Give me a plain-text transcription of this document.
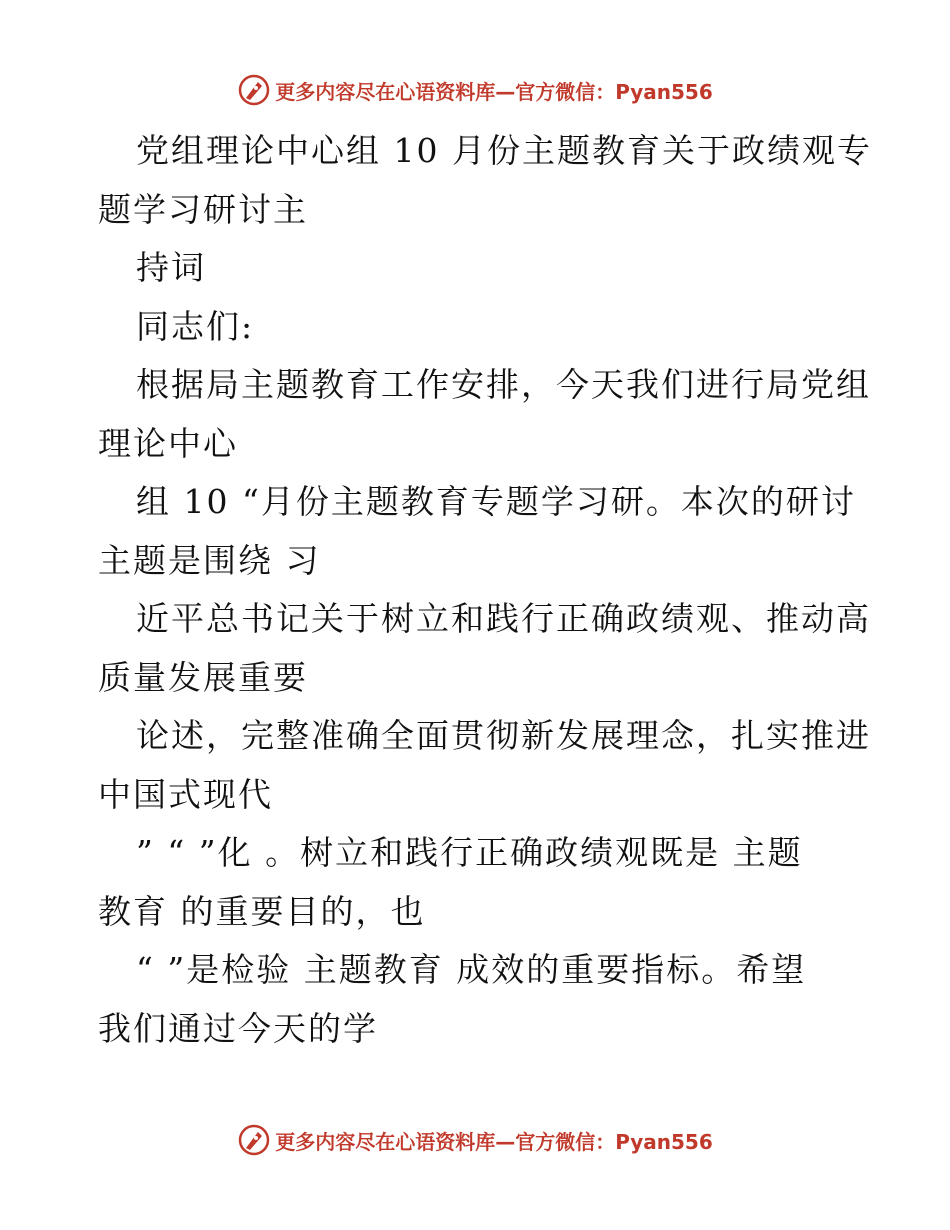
更多内容尽在心语资料库—官方微信：Pyan556
党组理论中心组 10 月份主题教育关于政绩观专
题学习研讨主
持词
同志们:
根据局主题教育工作安排，今天我们进行局党组
理论中心
组 10 “月份主题教育专题学习研。本次的研讨
主题是围绕 习
近平总书记关于树立和践行正确政绩观、推动高
质量发展重要
论述，完整准确全面贯彻新发展理念，扎实推进
中国式现代
” “ ”化 。树立和践行正确政绩观既是 主题
教育 的重要目的，也
“ ”是检验 主题教育 成效的重要指标。希望
我们通过今天的学
更多内容尽在心语资料库—官方微信：Pyan556
